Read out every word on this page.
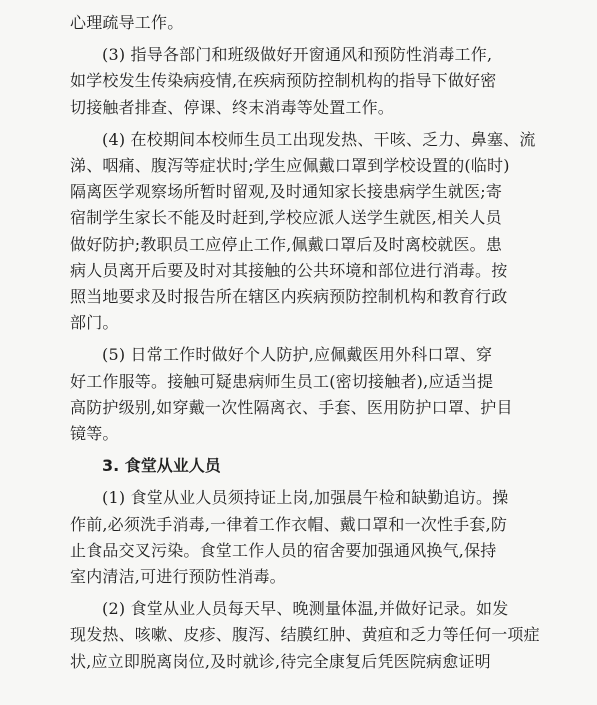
心理疏导工作。
(3) 指导各部门和班级做好开窗通风和预防性消毒工作,
如学校发生传染病疫情,在疾病预防控制机构的指导下做好密
切接触者排查、停课、终末消毒等处置工作。
(4) 在校期间本校师生员工出现发热、干咳、乏力、鼻塞、流
涕、咽痛、腹泻等症状时;学生应佩戴口罩到学校设置的(临时)
隔离医学观察场所暂时留观,及时通知家长接患病学生就医;寄
宿制学生家长不能及时赶到,学校应派人送学生就医,相关人员
做好防护;教职员工应停止工作,佩戴口罩后及时离校就医。患
病人员离开后要及时对其接触的公共环境和部位进行消毒。按
照当地要求及时报告所在辖区内疾病预防控制机构和教育行政
部门。
(5) 日常工作时做好个人防护,应佩戴医用外科口罩、穿
好工作服等。接触可疑患病师生员工(密切接触者),应适当提
高防护级别,如穿戴一次性隔离衣、手套、医用防护口罩、护目
镜等。
3. 食堂从业人员
(1) 食堂从业人员须持证上岗,加强晨午检和缺勤追访。操
作前,必须洗手消毒,一律着工作衣帽、戴口罩和一次性手套,防
止食品交叉污染。食堂工作人员的宿舍要加强通风换气,保持
室内清洁,可进行预防性消毒。
(2) 食堂从业人员每天早、晚测量体温,并做好记录。如发
现发热、咳嗽、皮疹、腹泻、结膜红肿、黄疸和乏力等任何一项症
状,应立即脱离岗位,及时就诊,待完全康复后凭医院病愈证明
